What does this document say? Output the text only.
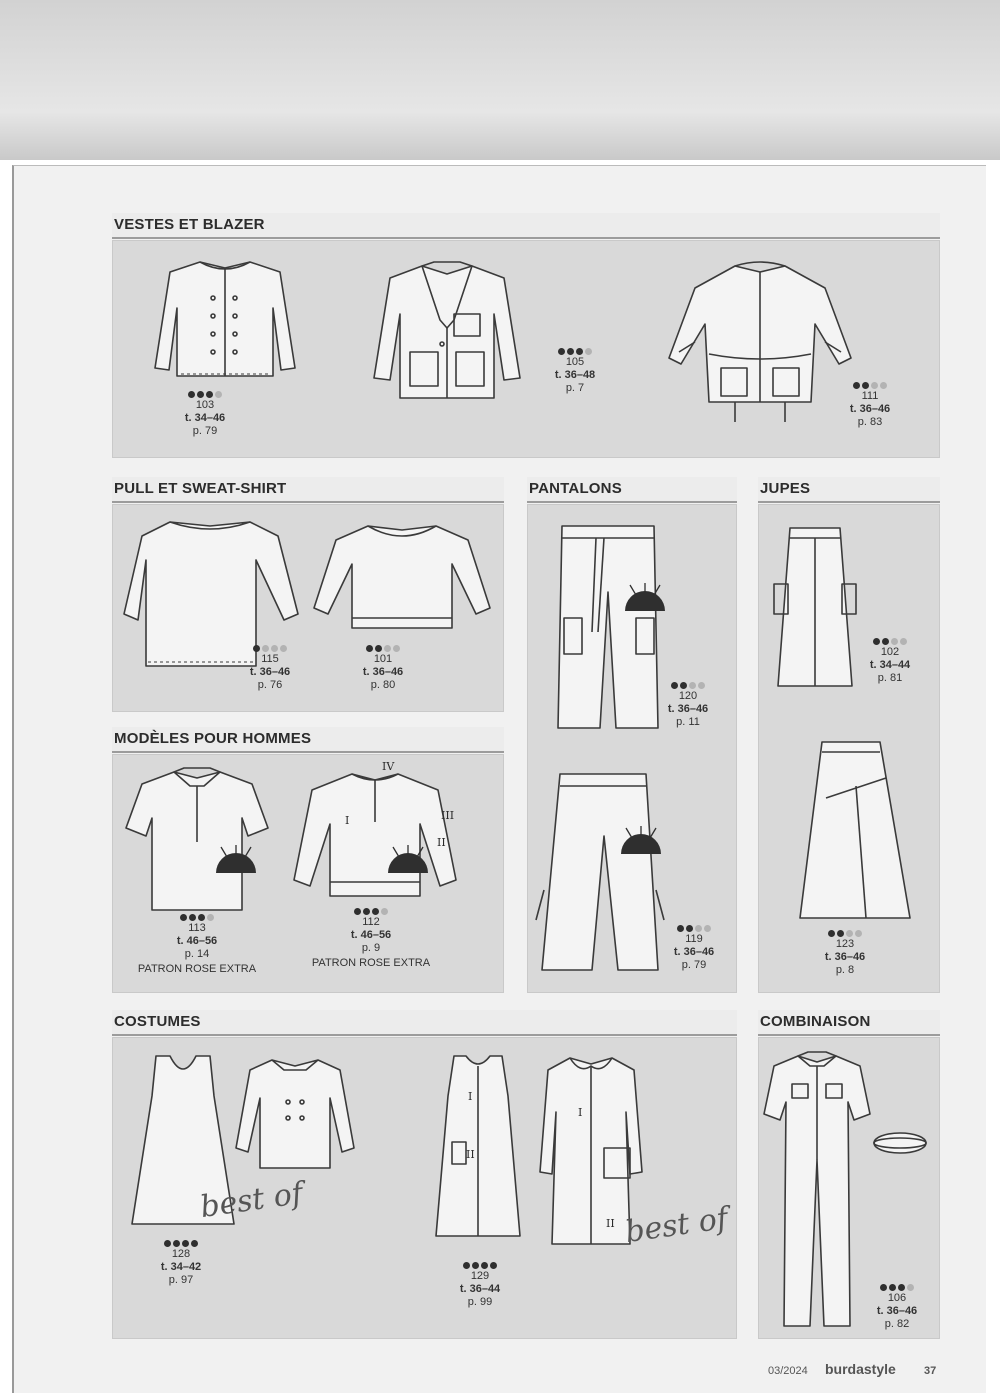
VESTES ET BLAZER
103
t. 34–46
p. 79
105
t. 36–48
p. 7
111
t. 36–46
p. 83
PULL ET SWEAT-SHIRT
115
t. 36–46
p. 76
101
t. 36–46
p. 80
PANTALONS
120
t. 36–46
p. 11
119
t. 36–46
p. 79
JUPES
102
t. 34–44
p. 81
123
t. 36–46
p. 8
MODÈLES POUR HOMMES
113
t. 46–56
p. 14
PATRON ROSE EXTRA
IV
I	III
II
112
t. 46–56
p. 9
PATRON ROSE EXTRA
COSTUMES
best of
128
t. 34–42
p. 97
I
II
I
II best of
129
t. 36–44
p. 99
COMBINAISON
106
t. 36–46
p. 82
03/2024 burdastyle	37
